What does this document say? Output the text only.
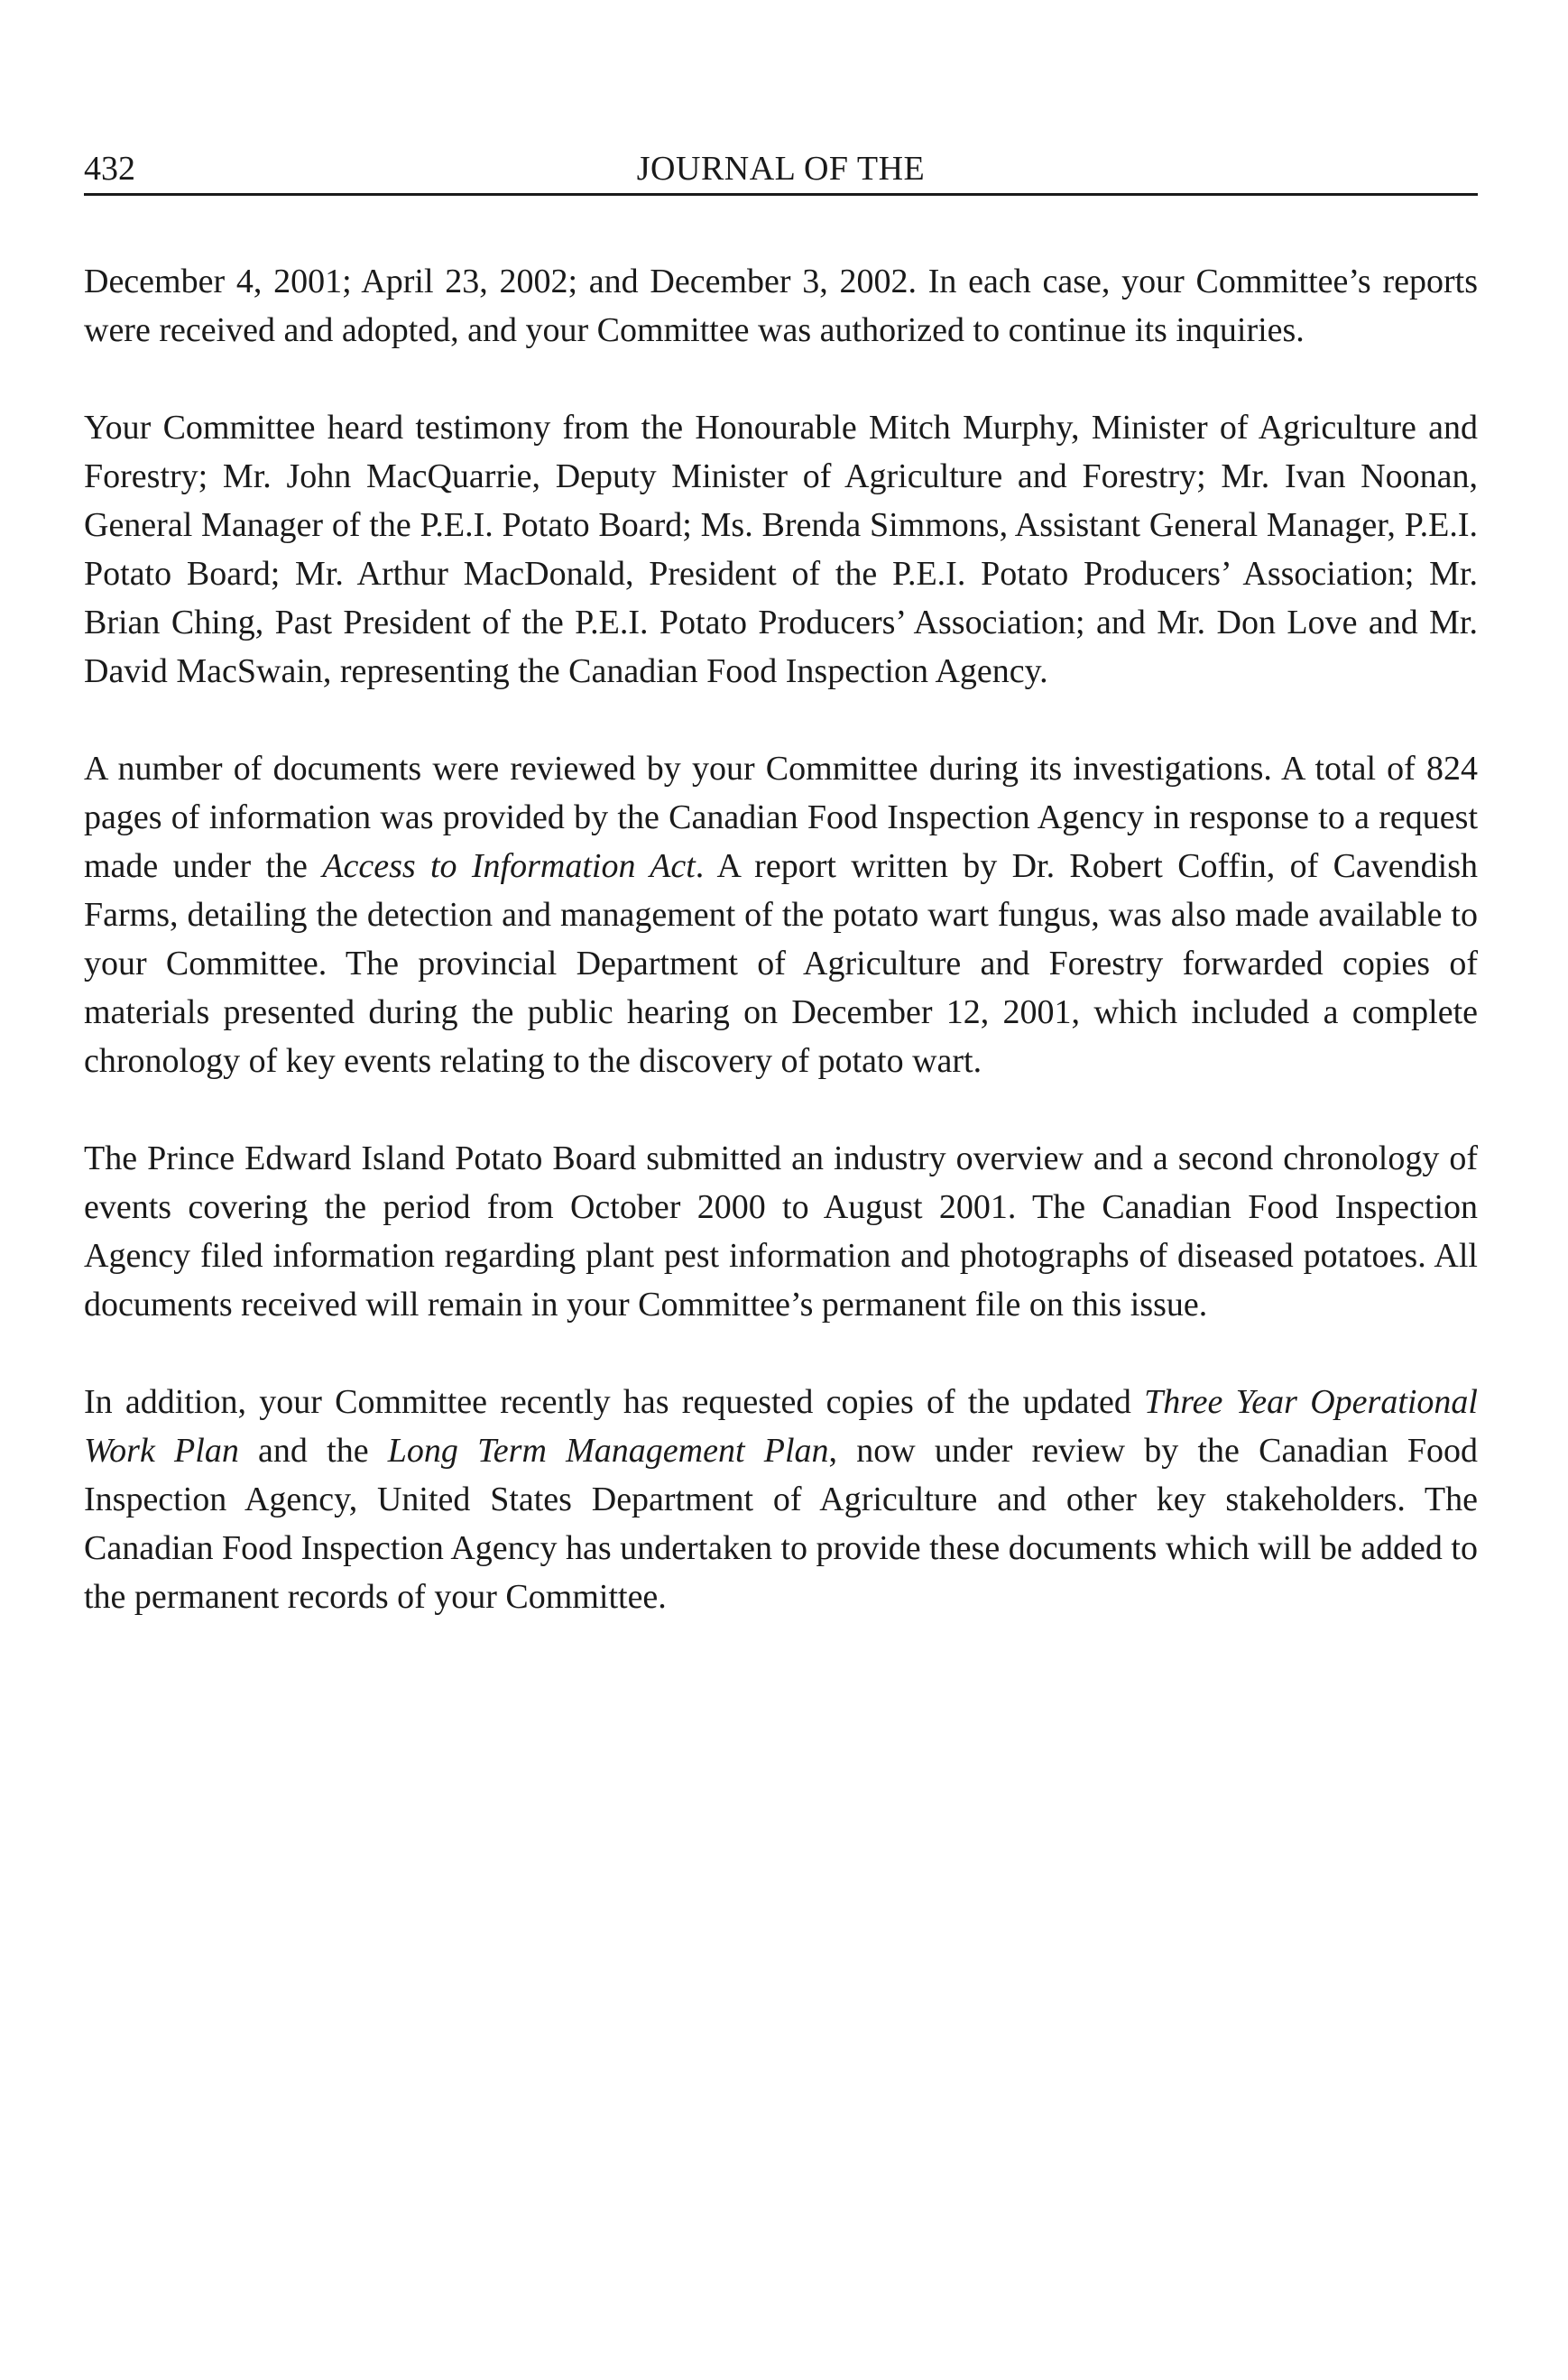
432	JOURNAL OF THE

December 4, 2001; April 23, 2002; and December 3, 2002. In each case, your Committee’s reports were received and adopted, and your Committee was authorized to continue its inquiries.

Your Committee heard testimony from the Honourable Mitch Murphy, Minister of Agriculture and Forestry; Mr. John MacQuarrie, Deputy Minister of Agriculture and Forestry; Mr. Ivan Noonan, General Manager of the P.E.I. Potato Board; Ms. Brenda Simmons, Assistant General Manager, P.E.I. Potato Board; Mr. Arthur MacDonald, President of the P.E.I. Potato Producers’ Association; Mr. Brian Ching, Past President of the P.E.I. Potato Producers’ Association; and Mr. Don Love and Mr. David MacSwain, representing the Canadian Food Inspection Agency.

A number of documents were reviewed by your Committee during its investigations. A total of 824 pages of information was provided by the Canadian Food Inspection Agency in response to a request made under the Access to Information Act. A report written by Dr. Robert Coffin, of Cavendish Farms, detailing the detection and management of the potato wart fungus, was also made available to your Committee. The provincial Department of Agriculture and Forestry forwarded copies of materials presented during the public hearing on December 12, 2001, which included a complete chronology of key events relating to the discovery of potato wart.

The Prince Edward Island Potato Board submitted an industry overview and a second chronology of events covering the period from October 2000 to August 2001. The Canadian Food Inspection Agency filed information regarding plant pest information and photographs of diseased potatoes. All documents received will remain in your Committee’s permanent file on this issue.

In addition, your Committee recently has requested copies of the updated Three Year Operational Work Plan and the Long Term Management Plan, now under review by the Canadian Food Inspection Agency, United States Department of Agriculture and other key stakeholders. The Canadian Food Inspection Agency has undertaken to provide these documents which will be added to the permanent records of your Committee.
